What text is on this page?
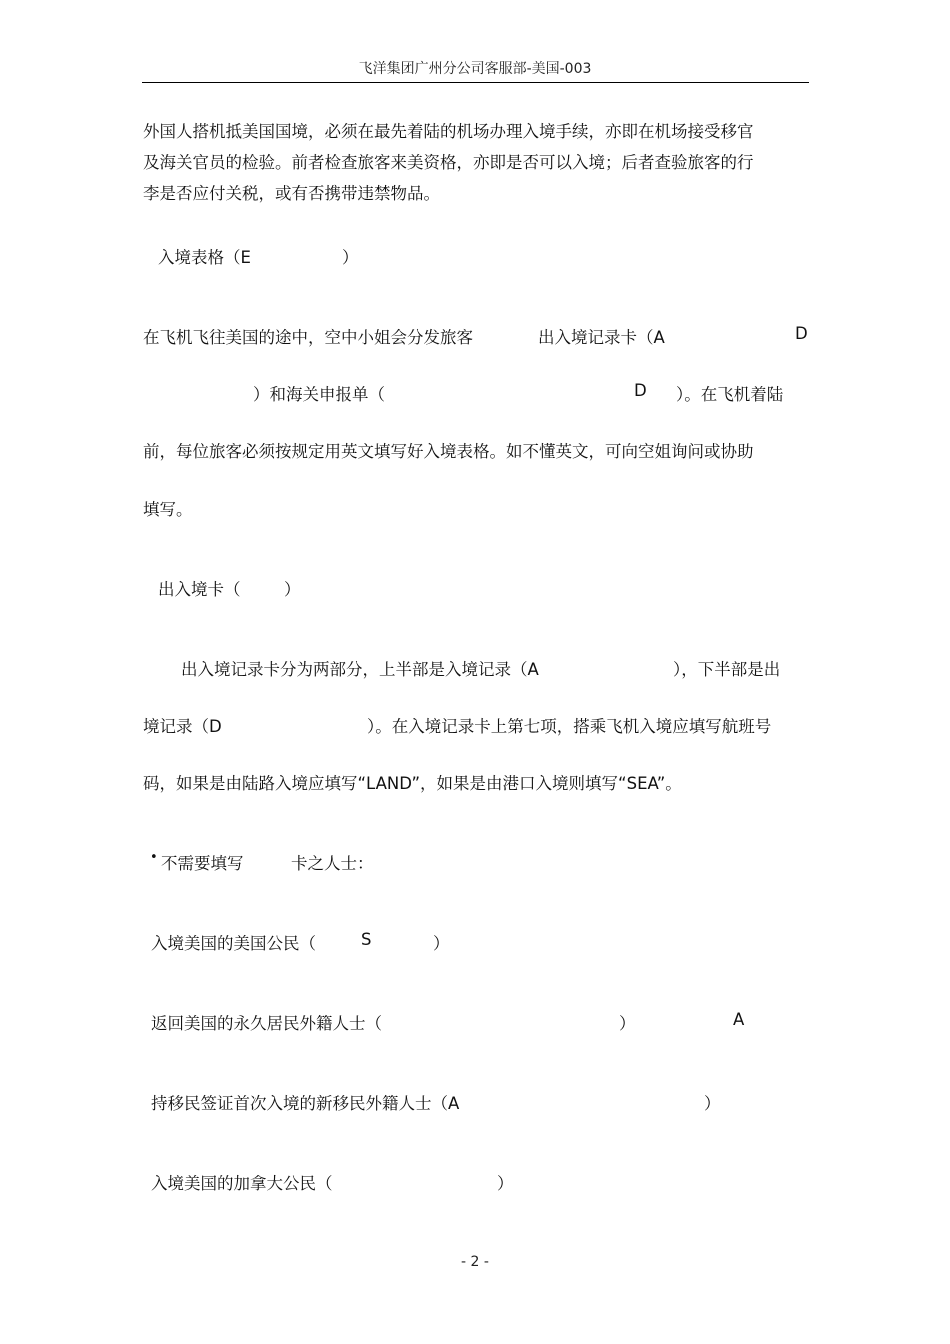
飞洋集团广州分公司客服部-美国-003
外国人搭机抵美国国境，必须在最先着陆的机场办理入境手续，亦即在机场接受移官
及海关官员的检验。前者检查旅客来美资格，亦即是否可以入境；后者查验旅客的行
李是否应付关税，或有否携带违禁物品。
入境表格（E	）
在飞机飞往美国的途中，空中小姐会分发旅客	出入境记录卡（A	D
）和海关申报单（	D ）。在飞机着陆
前，每位旅客必须按规定用英文填写好入境表格。如不懂英文，可向空姐询问或协助
填写。
出入境卡（	）
出入境记录卡分为两部分，上半部是入境记录（A	），下半部是出
境记录（D	）。在入境记录卡上第七项，搭乘飞机入境应填写航班号
码，如果是由陆路入境应填写“LAND”，如果是由港口入境则填写“SEA”。
• 不需要填写	卡之人士：
入境美国的美国公民（	S	）
返回美国的永久居民外籍人士（	）	A
持移民签证首次入境的新移民外籍人士（A	）
入境美国的加拿大公民（	）
- 2 -
